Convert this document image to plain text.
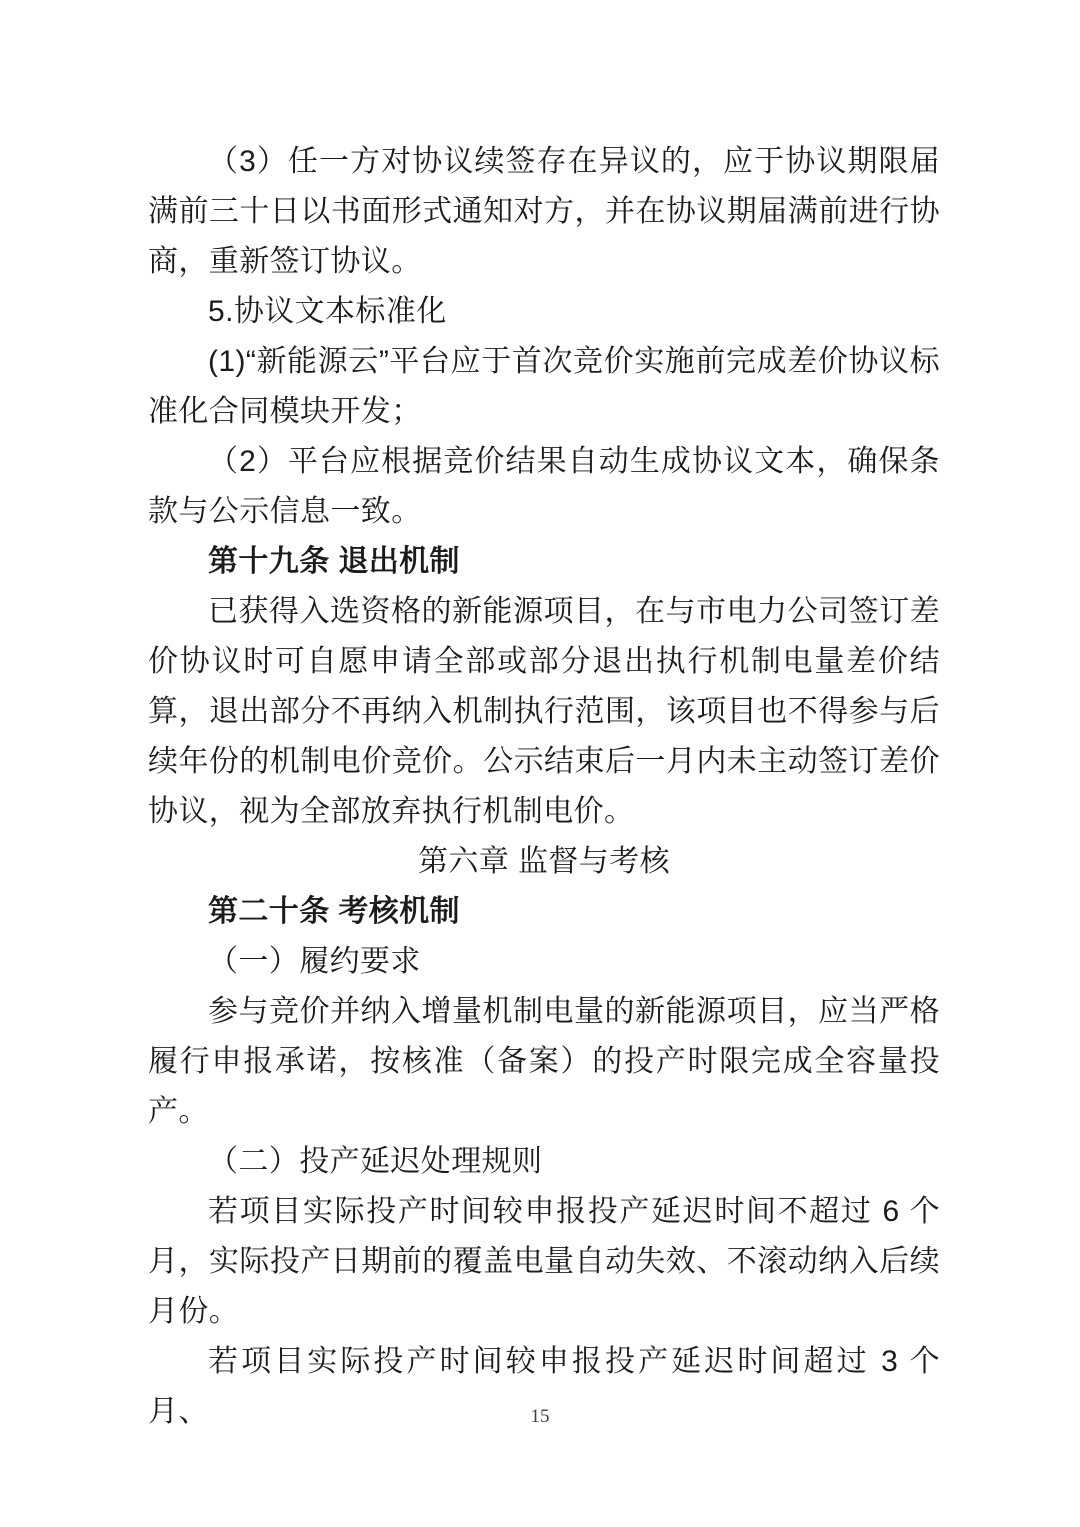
（3）任一方对协议续签存在异议的，应于协议期限届满前三十日以书面形式通知对方，并在协议期届满前进行协商，重新签订协议。

5.协议文本标准化

(1)“新能源云”平台应于首次竞价实施前完成差价协议标准化合同模块开发；

（2）平台应根据竞价结果自动生成协议文本，确保条款与公示信息一致。

第十九条 退出机制

已获得入选资格的新能源项目，在与市电力公司签订差价协议时可自愿申请全部或部分退出执行机制电量差价结算，退出部分不再纳入机制执行范围，该项目也不得参与后续年份的机制电价竞价。公示结束后一月内未主动签订差价协议，视为全部放弃执行机制电价。

第六章 监督与考核

第二十条 考核机制

（一）履约要求

参与竞价并纳入增量机制电量的新能源项目，应当严格履行申报承诺，按核准（备案）的投产时限完成全容量投产。

（二）投产延迟处理规则

若项目实际投产时间较申报投产延迟时间不超过 6 个月，实际投产日期前的覆盖电量自动失效、不滚动纳入后续月份。

若项目实际投产时间较申报投产延迟时间超过 3 个月、	15
